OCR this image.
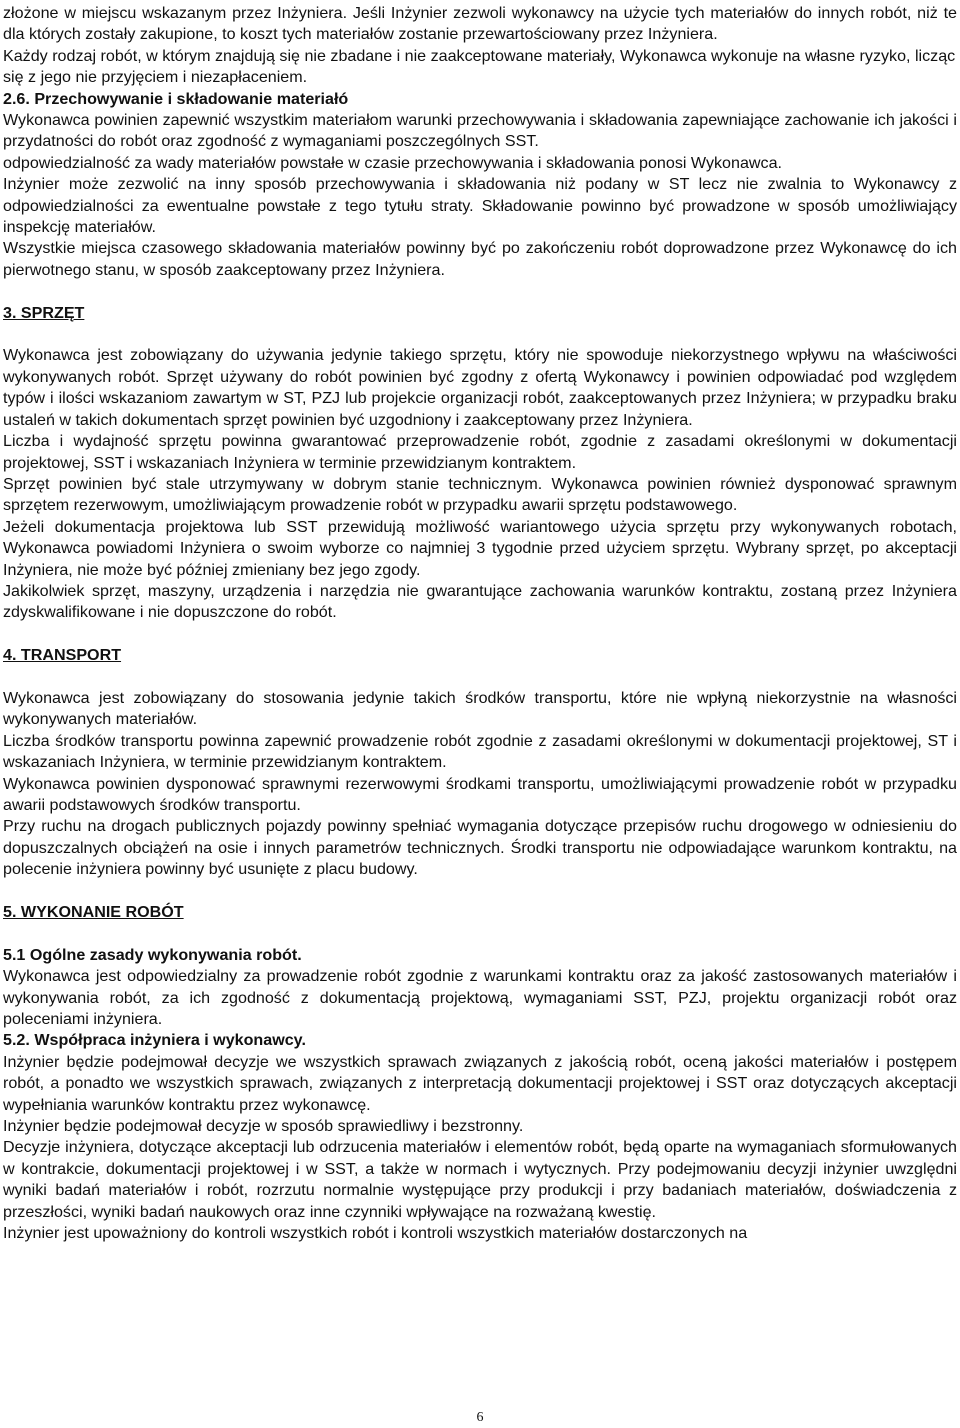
złożone w miejscu wskazanym przez Inżyniera. Jeśli Inżynier zezwoli wykonawcy na użycie tych materiałów do innych robót, niż te dla których zostały zakupione, to koszt tych materiałów zostanie przewartościowany przez Inżyniera.

Każdy rodzaj robót, w którym znajdują się nie zbadane i nie zaakceptowane materiały, Wykonawca wykonuje na własne ryzyko, licząc się z jego nie przyjęciem i niezapłaceniem.

2.6. Przechowywanie i składowanie materiałó

Wykonawca powinien zapewnić wszystkim materiałom warunki przechowywania i składowania zapewniające zachowanie ich jakości i przydatności do robót oraz zgodność z wymaganiami poszczególnych SST.

odpowiedzialność za wady materiałów powstałe w czasie przechowywania i składowania ponosi Wykonawca.

Inżynier może zezwolić na inny sposób przechowywania i składowania niż podany w ST lecz nie zwalnia to Wykonawcy z odpowiedzialności za ewentualne powstałe z tego tytułu straty. Składowanie powinno być prowadzone w sposób umożliwiający inspekcję materiałów.

Wszystkie miejsca czasowego składowania materiałów powinny być po zakończeniu robót doprowadzone przez Wykonawcę do ich pierwotnego stanu, w sposób zaakceptowany przez Inżyniera.

3. SPRZĘT

Wykonawca jest zobowiązany do używania jedynie takiego sprzętu, który nie spowoduje niekorzystnego wpływu na właściwości wykonywanych robót. Sprzęt używany do robót powinien być zgodny z ofertą Wykonawcy i powinien odpowiadać pod względem typów i ilości wskazaniom zawartym w ST, PZJ lub projekcie organizacji robót, zaakceptowanych przez Inżyniera; w przypadku braku ustaleń w takich dokumentach sprzęt powinien być uzgodniony i zaakceptowany przez Inżyniera.

Liczba i wydajność sprzętu powinna gwarantować przeprowadzenie robót, zgodnie z zasadami określonymi w dokumentacji projektowej, SST i wskazaniach Inżyniera w terminie przewidzianym kontraktem.

Sprzęt powinien być stale utrzymywany w dobrym stanie technicznym. Wykonawca powinien również dysponować sprawnym sprzętem rezerwowym, umożliwiającym prowadzenie robót w przypadku awarii sprzętu podstawowego.

Jeżeli dokumentacja projektowa lub SST przewidują możliwość wariantowego użycia sprzętu przy wykonywanych robotach, Wykonawca powiadomi Inżyniera o swoim wyborze co najmniej 3 tygodnie przed użyciem sprzętu. Wybrany sprzęt, po akceptacji Inżyniera, nie może być później zmieniany bez jego zgody.

Jakikolwiek sprzęt, maszyny, urządzenia i narzędzia nie gwarantujące zachowania warunków kontraktu, zostaną przez Inżyniera zdyskwalifikowane i nie dopuszczone do robót.

4. TRANSPORT

Wykonawca jest zobowiązany do stosowania jedynie takich środków transportu, które nie wpłyną niekorzystnie na własności wykonywanych materiałów.

Liczba środków transportu powinna zapewnić prowadzenie robót zgodnie z zasadami określonymi w dokumentacji projektowej, ST i wskazaniach Inżyniera, w terminie przewidzianym kontraktem.

Wykonawca powinien dysponować sprawnymi rezerwowymi środkami transportu, umożliwiającymi prowadzenie robót w przypadku awarii podstawowych środków transportu.

Przy ruchu na drogach publicznych pojazdy powinny spełniać wymagania dotyczące przepisów ruchu drogowego w odniesieniu do dopuszczalnych obciążeń na osie i innych parametrów technicznych. Środki transportu nie odpowiadające warunkom kontraktu, na polecenie inżyniera powinny być usunięte z placu budowy.

5. WYKONANIE ROBÓT

5.1 Ogólne zasady wykonywania robót.

Wykonawca jest odpowiedzialny za prowadzenie robót zgodnie z warunkami kontraktu oraz za jakość zastosowanych materiałów i wykonywania robót, za ich zgodność z dokumentacją projektową, wymaganiami SST, PZJ, projektu organizacji robót oraz poleceniami inżyniera.

5.2. Współpraca inżyniera i wykonawcy.

Inżynier będzie podejmował decyzje we wszystkich sprawach związanych z jakością robót, oceną jakości materiałów i postępem robót, a ponadto we wszystkich sprawach, związanych z interpretacją dokumentacji projektowej i SST oraz dotyczących akceptacji wypełniania warunków kontraktu przez wykonawcę.

Inżynier będzie podejmował decyzje w sposób sprawiedliwy i bezstronny.

Decyzje inżyniera, dotyczące akceptacji lub odrzucenia materiałów i elementów robót, będą oparte na wymaganiach sformułowanych w kontrakcie, dokumentacji projektowej i w SST, a także w normach i wytycznych. Przy podejmowaniu decyzji inżynier uwzględni wyniki badań materiałów i robót, rozrzutu normalnie występujące przy produkcji i przy badaniach materiałów, doświadczenia z przeszłości, wyniki badań naukowych oraz inne czynniki wpływające na rozważaną kwestię.

Inżynier jest upoważniony do kontroli wszystkich robót i kontroli wszystkich materiałów dostarczonych na

6
